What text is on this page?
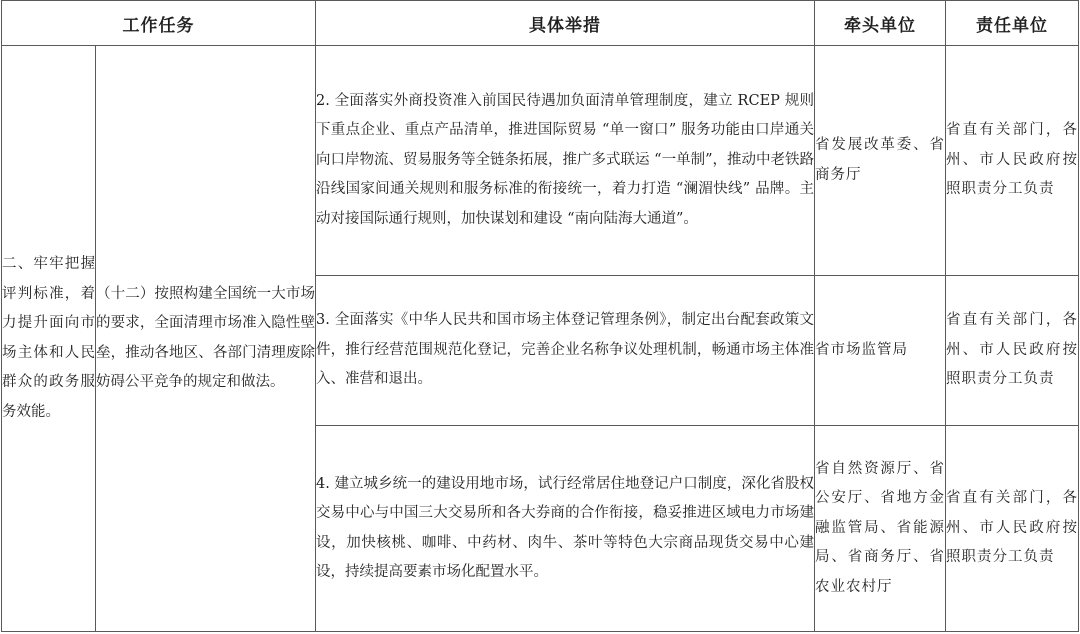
工作任务		具体举措	牵头单位	责任单位

二、牢牢把握评判标准，着力提升面向市场主体和人民群众的政务服务效能。	（十二）按照构建全国统一大市场的要求，全面清理市场准入隐性壁垒，推动各地区、各部门清理废除妨碍公平竞争的规定和做法。	2. 全面落实外商投资准入前国民待遇加负面清单管理制度，建立 RCEP 规则下重点企业、重点产品清单，推进国际贸易 “单一窗口” 服务功能由口岸通关向口岸物流、贸易服务等全链条拓展，推广多式联运 “一单制”，推动中老铁路沿线国家间通关规则和服务标准的衔接统一，着力打造 “澜湄快线” 品牌。主动对接国际通行规则，加快谋划和建设 “南向陆海大通道”。	省发展改革委、省商务厅	省直有关部门，各州、市人民政府按照职责分工负责

		3. 全面落实《中华人民共和国市场主体登记管理条例》，制定出台配套政策文件，推行经营范围规范化登记，完善企业名称争议处理机制，畅通市场主体准入、准营和退出。	省市场监管局	省直有关部门，各州、市人民政府按照职责分工负责

		4. 建立城乡统一的建设用地市场，试行经常居住地登记户口制度，深化省股权交易中心与中国三大交易所和各大券商的合作衔接，稳妥推进区域电力市场建设，加快核桃、咖啡、中药材、肉牛、茶叶等特色大宗商品现货交易中心建设，持续提高要素市场化配置水平。	省自然资源厅、省公安厅、省地方金融监管局、省能源局、省商务厅、省农业农村厅	省直有关部门，各州、市人民政府按照职责分工负责
